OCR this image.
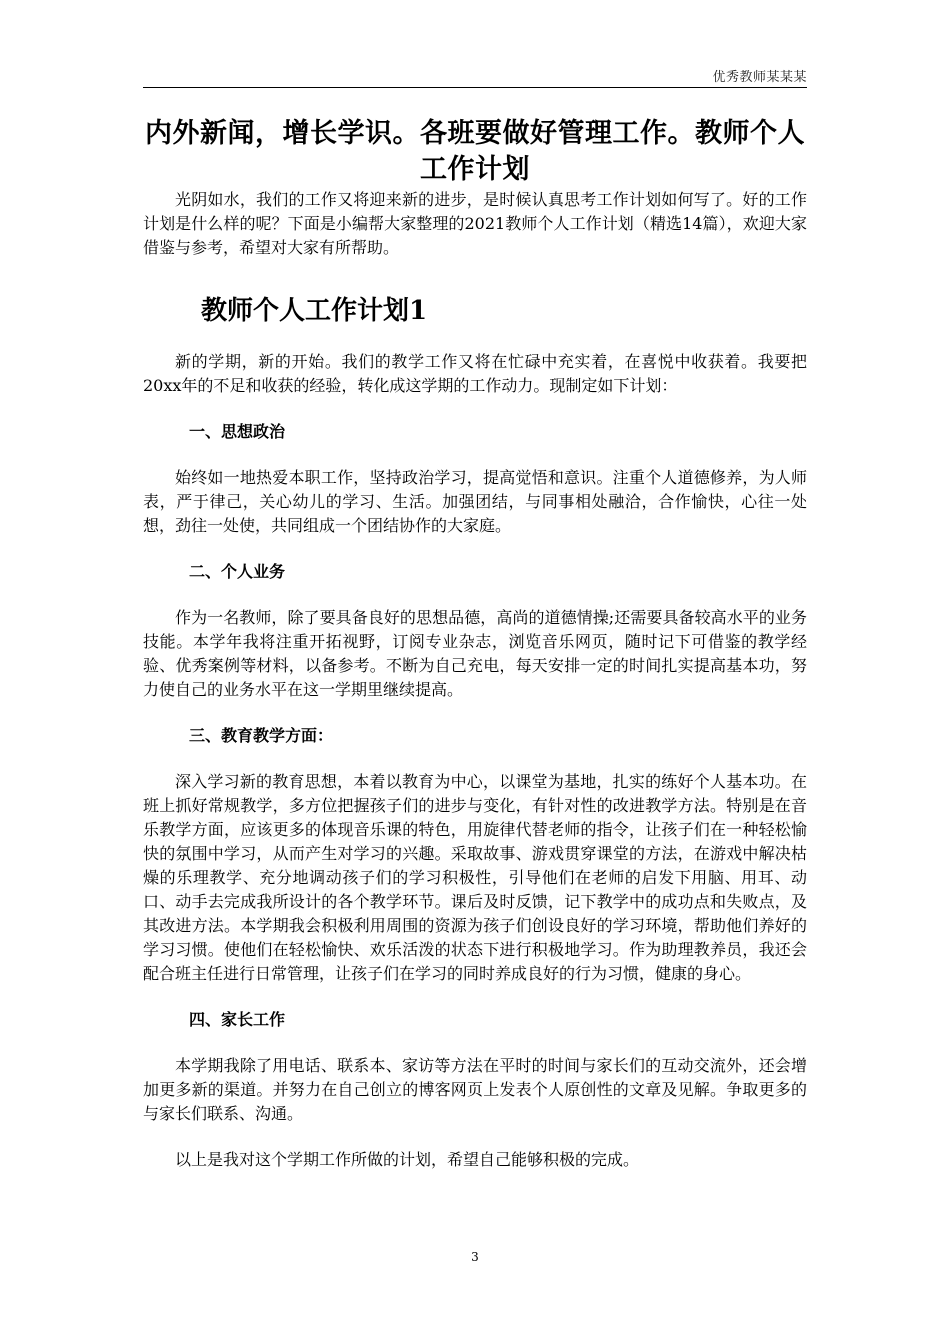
优秀教师某某某
内外新闻，增长学识。各班要做好管理工作。教师个人工作计划

光阴如水，我们的工作又将迎来新的进步，是时候认真思考工作计划如何写了。好的工作计划是什么样的呢？下面是小编帮大家整理的2021教师个人工作计划（精选14篇），欢迎大家借鉴与参考，希望对大家有所帮助。

教师个人工作计划1

新的学期，新的开始。我们的教学工作又将在忙碌中充实着，在喜悦中收获着。我要把20xx年的不足和收获的经验，转化成这学期的工作动力。现制定如下计划：

一、思想政治

始终如一地热爱本职工作，坚持政治学习，提高觉悟和意识。注重个人道德修养，为人师表，严于律己，关心幼儿的学习、生活。加强团结，与同事相处融洽，合作愉快，心往一处想，劲往一处使，共同组成一个团结协作的大家庭。

二、个人业务

作为一名教师，除了要具备良好的思想品德，高尚的道德情操;还需要具备较高水平的业务技能。本学年我将注重开拓视野，订阅专业杂志，浏览音乐网页，随时记下可借鉴的教学经验、优秀案例等材料，以备参考。不断为自己充电，每天安排一定的时间扎实提高基本功，努力使自己的业务水平在这一学期里继续提高。

三、教育教学方面：

深入学习新的教育思想，本着以教育为中心，以课堂为基地，扎实的练好个人基本功。在班上抓好常规教学，多方位把握孩子们的进步与变化，有针对性的改进教学方法。特别是在音乐教学方面，应该更多的体现音乐课的特色，用旋律代替老师的指令，让孩子们在一种轻松愉快的氛围中学习，从而产生对学习的兴趣。采取故事、游戏贯穿课堂的方法，在游戏中解决枯燥的乐理教学、充分地调动孩子们的学习积极性，引导他们在老师的启发下用脑、用耳、动口、动手去完成我所设计的各个教学环节。课后及时反馈，记下教学中的成功点和失败点，及其改进方法。本学期我会积极利用周围的资源为孩子们创设良好的学习环境，帮助他们养好的学习习惯。使他们在轻松愉快、欢乐活泼的状态下进行积极地学习。作为助理教养员，我还会配合班主任进行日常管理，让孩子们在学习的同时养成良好的行为习惯，健康的身心。

四、家长工作

本学期我除了用电话、联系本、家访等方法在平时的时间与家长们的互动交流外，还会增加更多新的渠道。并努力在自己创立的博客网页上发表个人原创性的文章及见解。争取更多的与家长们联系、沟通。

以上是我对这个学期工作所做的计划，希望自己能够积极的完成。

3
